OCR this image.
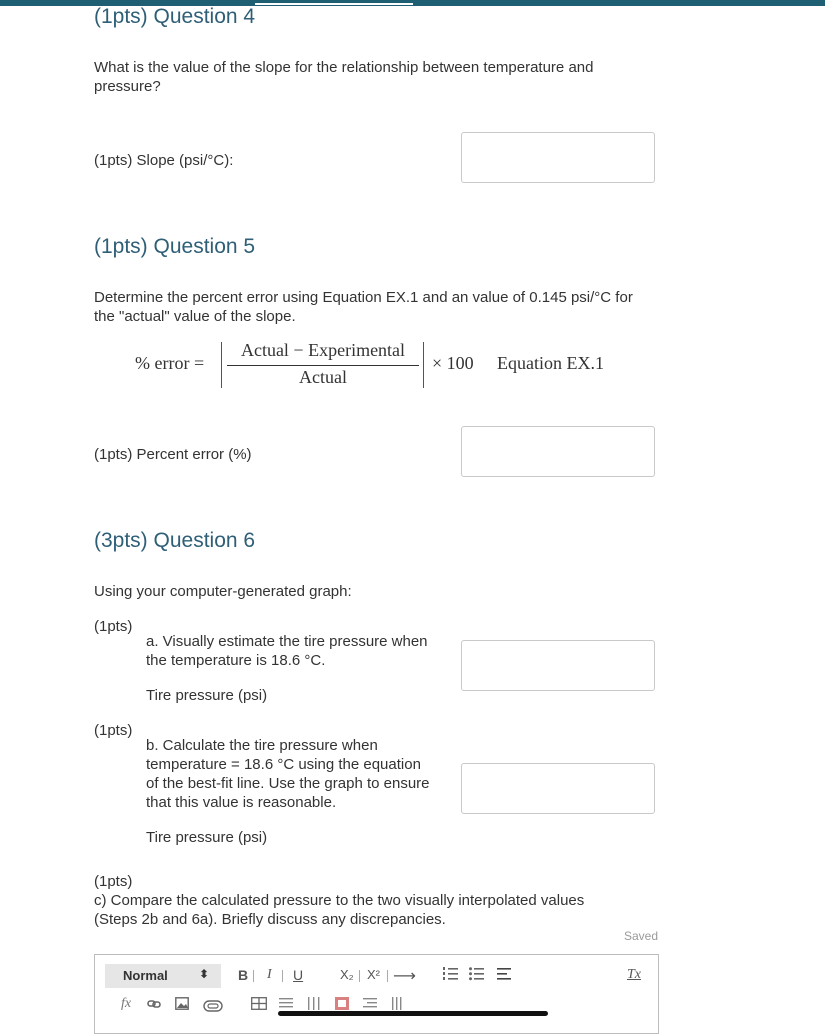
(1pts) Question 4
What is the value of the slope for the relationship between temperature and
pressure?
(1pts) Slope (psi/°C):
(1pts) Question 5
Determine the percent error using Equation EX.1 and an value of 0.145 psi/°C for
the "actual" value of the slope.
% error =
Actual − Experimental
Actual
× 100 Equation EX.1
(1pts) Percent error (%)
(3pts) Question 6
Using your computer-generated graph:
(1pts)
a. Visually estimate the tire pressure when
the temperature is 18.6 °C.
Tire pressure (psi)
(1pts)
b. Calculate the tire pressure when
temperature = 18.6 °C using the equation
of the best-fit line. Use the graph to ensure
that this value is reasonable.
Tire pressure (psi)
(1pts)
c) Compare the calculated pressure to the two visually interpolated values
(Steps 2b and 6a). Briefly discuss any discrepancies.
Saved
Normal	⬍ B I U	X₂ X² ⟶	Tx
fx
